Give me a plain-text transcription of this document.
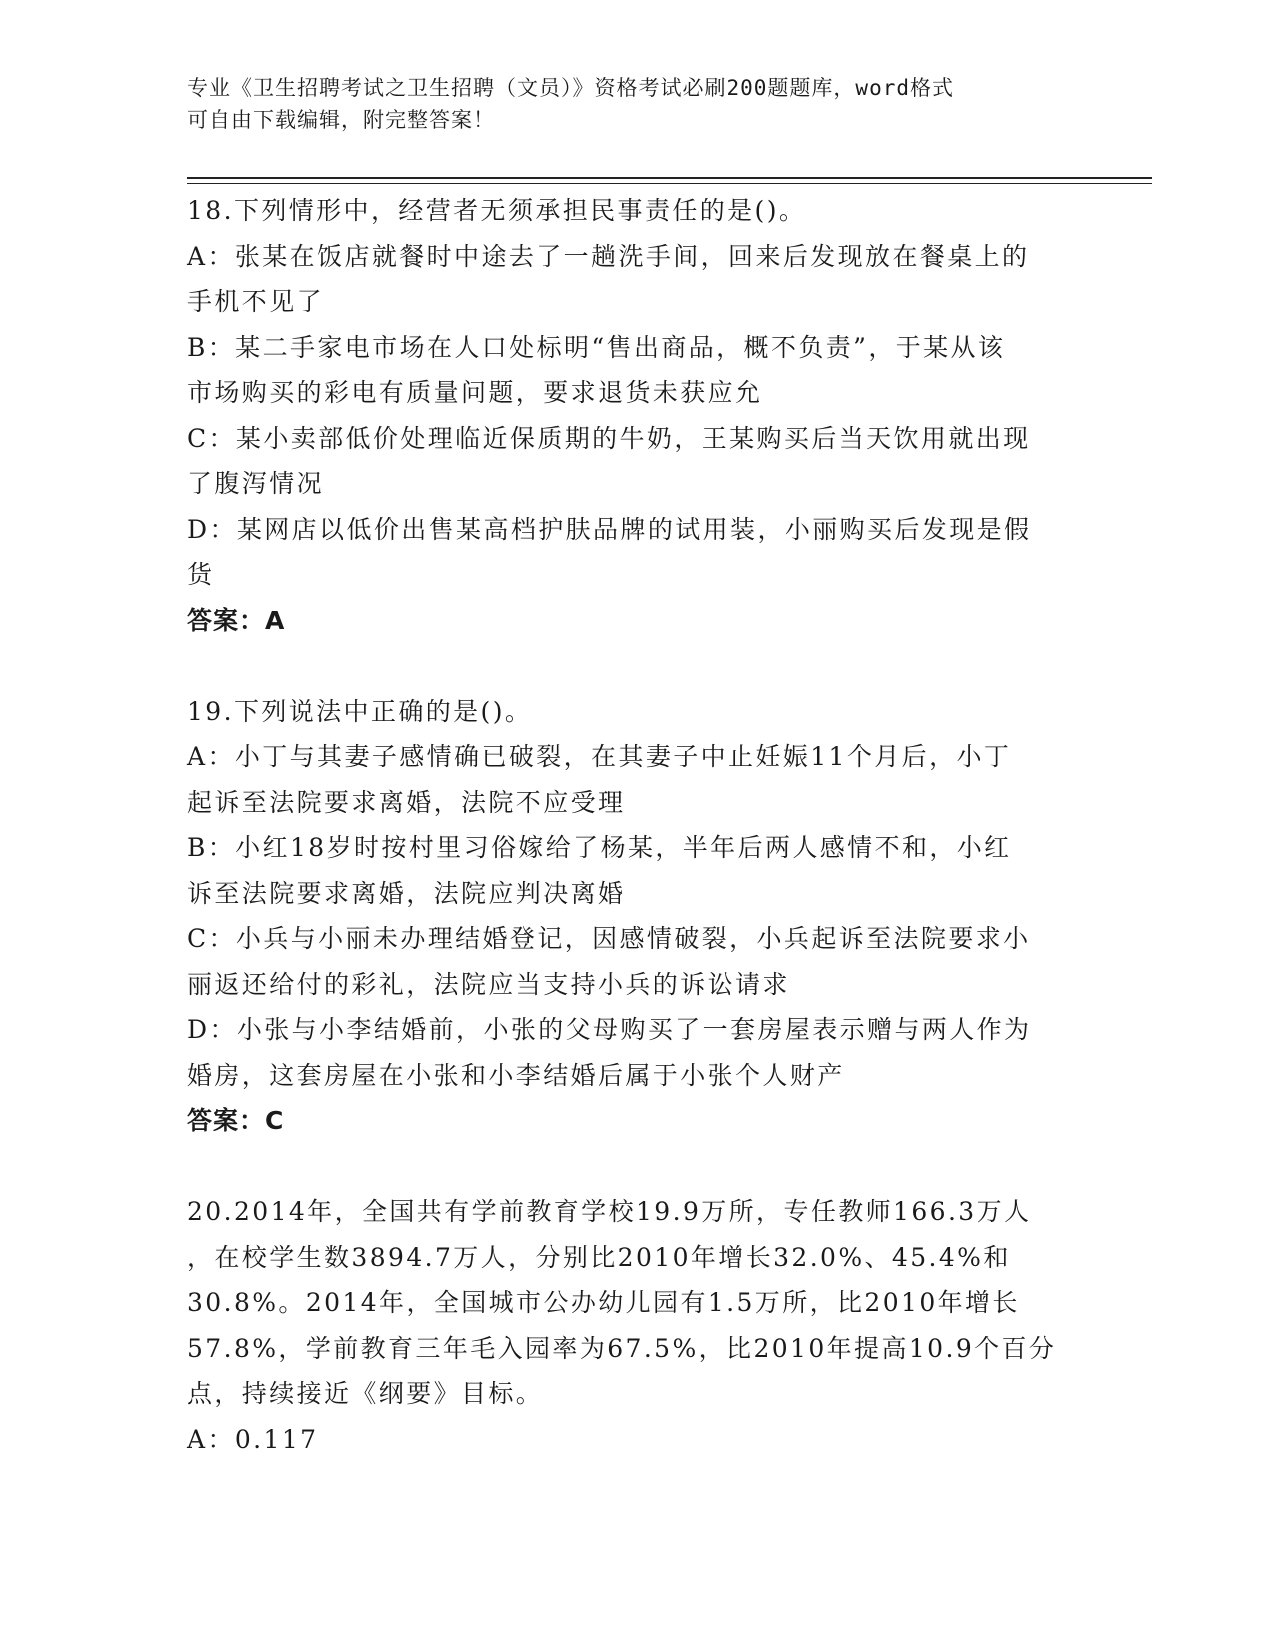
专业《卫生招聘考试之卫生招聘（文员）》资格考试必刷200题题库，word格式
可自由下载编辑，附完整答案！

18.下列情形中，经营者无须承担民事责任的是()。

A：张某在饭店就餐时中途去了一趟洗手间，回来后发现放在餐桌上的

手机不见了

B：某二手家电市场在人口处标明“售出商品，概不负责”，于某从该

市场购买的彩电有质量问题，要求退货未获应允

C：某小卖部低价处理临近保质期的牛奶，王某购买后当天饮用就出现

了腹泻情况

D：某网店以低价出售某高档护肤品牌的试用装，小丽购买后发现是假

货

答案：A

19.下列说法中正确的是()。

A：小丁与其妻子感情确已破裂，在其妻子中止妊娠11个月后，小丁

起诉至法院要求离婚，法院不应受理

B：小红18岁时按村里习俗嫁给了杨某，半年后两人感情不和，小红

诉至法院要求离婚，法院应判决离婚

C：小兵与小丽未办理结婚登记，因感情破裂，小兵起诉至法院要求小

丽返还给付的彩礼，法院应当支持小兵的诉讼请求

D：小张与小李结婚前，小张的父母购买了一套房屋表示赠与两人作为

婚房，这套房屋在小张和小李结婚后属于小张个人财产

答案：C

20.2014年，全国共有学前教育学校19.9万所，专任教师166.3万人

，在校学生数3894.7万人，分别比2010年增长32.0%、45.4%和

30.8%。2014年，全国城市公办幼儿园有1.5万所，比2010年增长

57.8%，学前教育三年毛入园率为67.5%，比2010年提高10.9个百分

点，持续接近《纲要》目标。

A：0.117
